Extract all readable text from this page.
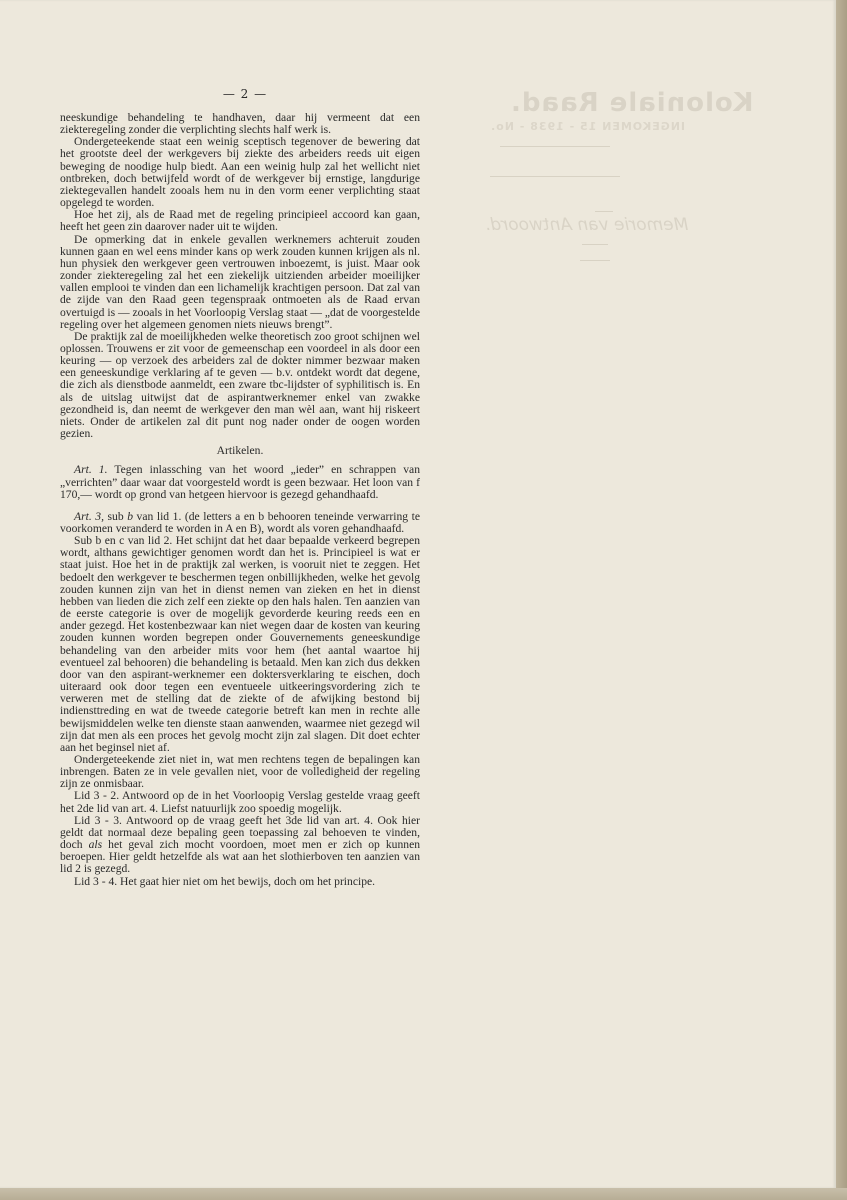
— 2 —	Koloniale Raad.
INGEKOMEN 15 - 1938 - No.
Memorie van Antwoord.

neeskundige behandeling te handhaven, daar hij vermeent dat een ziekteregeling zonder die verplichting slechts half werk is.

Ondergeteekende staat een weinig sceptisch tegenover de bewering dat het grootste deel der werkgevers bij ziekte des arbeiders reeds uit eigen beweging de noodige hulp biedt. Aan een weinig hulp zal het wellicht niet ontbreken, doch betwijfeld wordt of de werkgever bij ernstige, langdurige ziektegevallen handelt zooals hem nu in den vorm eener verplichting staat opgelegd te worden.

Hoe het zij, als de Raad met de regeling principieel accoord kan gaan, heeft het geen zin daarover nader uit te wijden.

De opmerking dat in enkele gevallen werknemers achteruit zouden kunnen gaan en wel eens minder kans op werk zouden kunnen krijgen als nl. hun physiek den werkgever geen vertrouwen inboezemt, is juist. Maar ook zonder ziekteregeling zal het een ziekelijk uitzienden arbeider moeilijker vallen emplooi te vinden dan een lichamelijk krachtigen persoon. Dat zal van de zijde van den Raad geen tegenspraak ontmoeten als de Raad ervan overtuigd is — zooals in het Voorloopig Verslag staat — „dat de voorgestelde regeling over het algemeen genomen niets nieuws brengt”.

De praktijk zal de moeilijkheden welke theoretisch zoo groot schijnen wel oplossen. Trouwens er zit voor de gemeenschap een voordeel in als door een keuring — op verzoek des arbeiders zal de dokter nimmer bezwaar maken een geneeskundige verklaring af te geven — b.v. ontdekt wordt dat degene, die zich als dienstbode aanmeldt, een zware tbc-lijdster of syphilitisch is. En als de uitslag uitwijst dat de aspirantwerknemer enkel van zwakke gezondheid is, dan neemt de werkgever den man wèl aan, want hij riskeert niets. Onder de artikelen zal dit punt nog nader onder de oogen worden gezien.

Artikelen.

Art. 1. Tegen inlassching van het woord „ieder” en schrappen van „verrichten” daar waar dat voorgesteld wordt is geen bezwaar. Het loon van f 170,— wordt op grond van hetgeen hiervoor is gezegd gehandhaafd.

Art. 3, sub b van lid 1. (de letters a en b behooren teneinde verwarring te voorkomen veranderd te worden in A en B), wordt als voren gehandhaafd.

Sub b en c van lid 2. Het schijnt dat het daar bepaalde verkeerd begrepen wordt, althans gewichtiger genomen wordt dan het is. Principieel is wat er staat juist. Hoe het in de praktijk zal werken, is vooruit niet te zeggen. Het bedoelt den werkgever te beschermen tegen onbillijkheden, welke het gevolg zouden kunnen zijn van het in dienst nemen van zieken en het in dienst hebben van lieden die zich zelf een ziekte op den hals halen. Ten aanzien van de eerste categorie is over de mogelijk gevorderde keuring reeds een en ander gezegd. Het kostenbezwaar kan niet wegen daar de kosten van keuring zouden kunnen worden begrepen onder Gouvernements geneeskundige behandeling van den arbeider mits voor hem (het aantal waartoe hij eventueel zal behooren) die behandeling is betaald. Men kan zich dus dekken door van den aspirant-werknemer een doktersverklaring te eischen, doch uiteraard ook door tegen een eventueele uitkeeringsvordering zich te verweren met de stelling dat de ziekte of de afwijking bestond bij indiensttreding en wat de tweede categorie betreft kan men in rechte alle bewijsmiddelen welke ten dienste staan aanwenden, waarmee niet gezegd wil zijn dat men als een proces het gevolg mocht zijn zal slagen. Dit doet echter aan het beginsel niet af.

Ondergeteekende ziet niet in, wat men rechtens tegen de bepalingen kan inbrengen. Baten ze in vele gevallen niet, voor de volledigheid der regeling zijn ze onmisbaar.

Lid 3 - 2. Antwoord op de in het Voorloopig Verslag gestelde vraag geeft het 2de lid van art. 4. Liefst natuurlijk zoo spoedig mogelijk.

Lid 3 - 3. Antwoord op de vraag geeft het 3de lid van art. 4. Ook hier geldt dat normaal deze bepaling geen toepassing zal behoeven te vinden, doch als het geval zich mocht voordoen, moet men er zich op kunnen beroepen. Hier geldt hetzelfde als wat aan het slothierboven ten aanzien van lid 2 is gezegd.

Lid 3 - 4. Het gaat hier niet om het bewijs, doch om het principe.
